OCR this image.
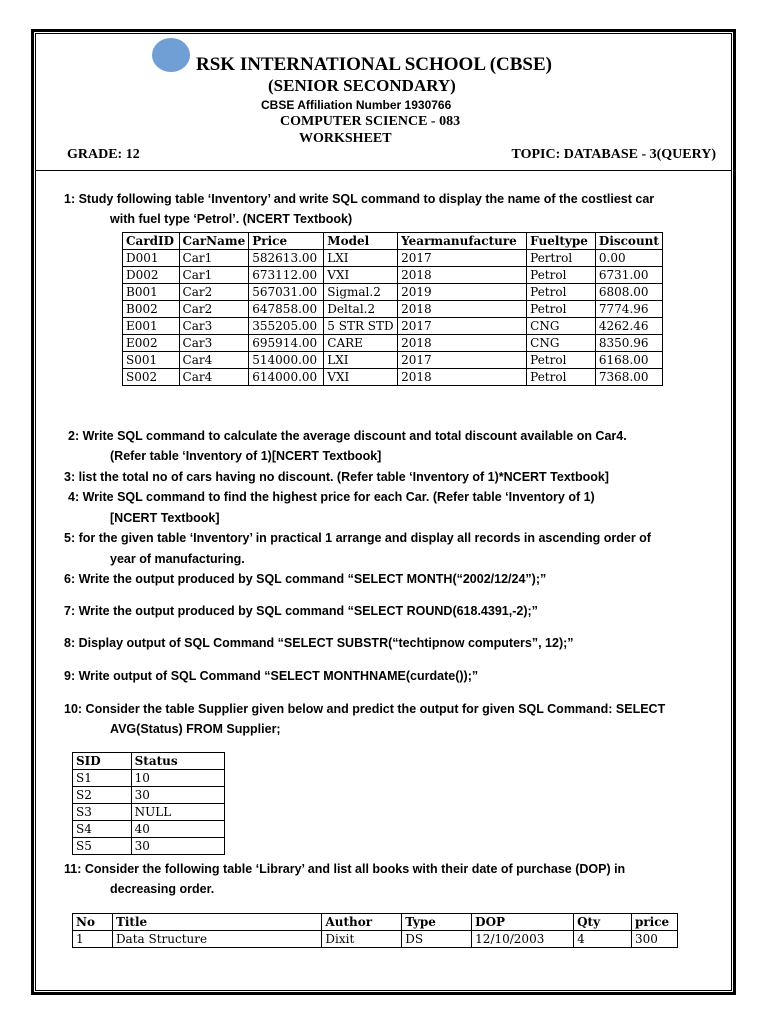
RSK INTERNATIONAL SCHOOL (CBSE)
(SENIOR SECONDARY)
CBSE Affiliation Number 1930766
COMPUTER SCIENCE - 083
WORKSHEET
GRADE: 12	TOPIC: DATABASE - 3(QUERY)
1: Study following table ‘Inventory’ and write SQL command to display the name of the costliest car
with fuel type ‘Petrol’. (NCERT Textbook)
CardID	CarName	Price	Model	Yearmanufacture	Fueltype	Discount
D001	Car1	582613.00	LXI	2017	Pertrol	0.00
D002	Car1	673112.00	VXI	2018	Petrol	6731.00
B001	Car2	567031.00	Sigmal.2	2019	Petrol	6808.00
B002	Car2	647858.00	Deltal.2	2018	Petrol	7774.96
E001	Car3	355205.00	5 STR STD	2017	CNG	4262.46
E002	Car3	695914.00	CARE	2018	CNG	8350.96
S001	Car4	514000.00	LXI	2017	Petrol	6168.00
S002	Car4	614000.00	VXI	2018	Petrol	7368.00
2: Write SQL command to calculate the average discount and total discount available on Car4.
(Refer table ‘Inventory of 1)[NCERT Textbook]
3: list the total no of cars having no discount. (Refer table ‘Inventory of 1)*NCERT Textbook]
4: Write SQL command to find the highest price for each Car. (Refer table ‘Inventory of 1)
[NCERT Textbook]
5: for the given table ‘Inventory’ in practical 1 arrange and display all records in ascending order of
year of manufacturing.
6: Write the output produced by SQL command “SELECT MONTH(“2002/12/24”);”
7: Write the output produced by SQL command “SELECT ROUND(618.4391,-2);”
8: Display output of SQL Command “SELECT SUBSTR(“techtipnow computers”, 12);”
9: Write output of SQL Command “SELECT MONTHNAME(curdate());”
10: Consider the table Supplier given below and predict the output for given SQL Command: SELECT
AVG(Status) FROM Supplier;
SID	Status
S1	10
S2	30
S3	NULL
S4	40
S5	30
11: Consider the following table ‘Library’ and list all books with their date of purchase (DOP) in
decreasing order.
No	Title	Author	Type	DOP	Qty	price
1	Data Structure	Dixit	DS	12/10/2003	4	300
